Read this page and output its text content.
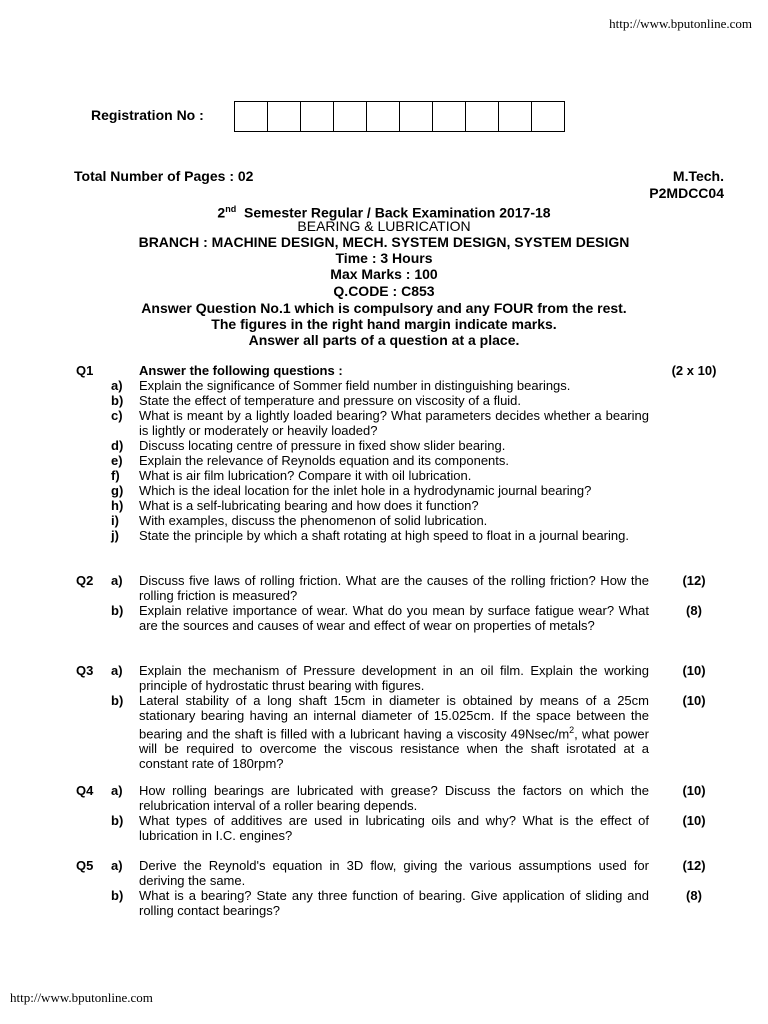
http://www.bputonline.com
Registration No :
Total Number of Pages : 02	M.Tech.
P2MDCC04
2nd Semester Regular / Back Examination 2017-18
BEARING & LUBRICATION
BRANCH : MACHINE DESIGN, MECH. SYSTEM DESIGN, SYSTEM DESIGN
Time : 3 Hours
Max Marks : 100
Q.CODE : C853
Answer Question No.1 which is compulsory and any FOUR from the rest.
The figures in the right hand margin indicate marks.
Answer all parts of a question at a place.
Q1	Answer the following questions :	(2 x 10)
a) Explain the significance of Sommer field number in distinguishing bearings.
b) State the effect of temperature and pressure on viscosity of a fluid.
c) What is meant by a lightly loaded bearing? What parameters decides whether a bearing is lightly or moderately or heavily loaded?
d) Discuss locating centre of pressure in fixed show slider bearing.
e) Explain the relevance of Reynolds equation and its components.
f) What is air film lubrication? Compare it with oil lubrication.
g) Which is the ideal location for the inlet hole in a hydrodynamic journal bearing?
h) What is a self-lubricating bearing and how does it function?
i) With examples, discuss the phenomenon of solid lubrication.
j) State the principle by which a shaft rotating at high speed to float in a journal bearing.
Q2 a) Discuss five laws of rolling friction. What are the causes of the rolling friction? How the rolling friction is measured?
(12)
b) Explain relative importance of wear. What do you mean by surface fatigue wear? What are the sources and causes of wear and effect of wear on properties of metals?
(8)
Q3 a) Explain the mechanism of Pressure development in an oil film. Explain the working principle of hydrostatic thrust bearing with figures.
(10)
b) Lateral stability of a long shaft 15cm in diameter is obtained by means of a 25cm stationary bearing having an internal diameter of 15.025cm. If the space between the bearing and the shaft is filled with a lubricant having a viscosity $49Nsec/m^2$, what power will be required to overcome the viscous resistance when the shaft isrotated at a constant rate of 180rpm?
(10)
Q4 a) How rolling bearings are lubricated with grease? Discuss the factors on which the relubrication interval of a roller bearing depends.
(10)
b) What types of additives are used in lubricating oils and why? What is the effect of lubrication in I.C. engines?
(10)
Q5 a) Derive the Reynold's equation in 3D flow, giving the various assumptions used for deriving the same.
(12)
b) What is a bearing? State any three function of bearing. Give application of sliding and rolling contact bearings?
(8)
http://www.bputonline.com
